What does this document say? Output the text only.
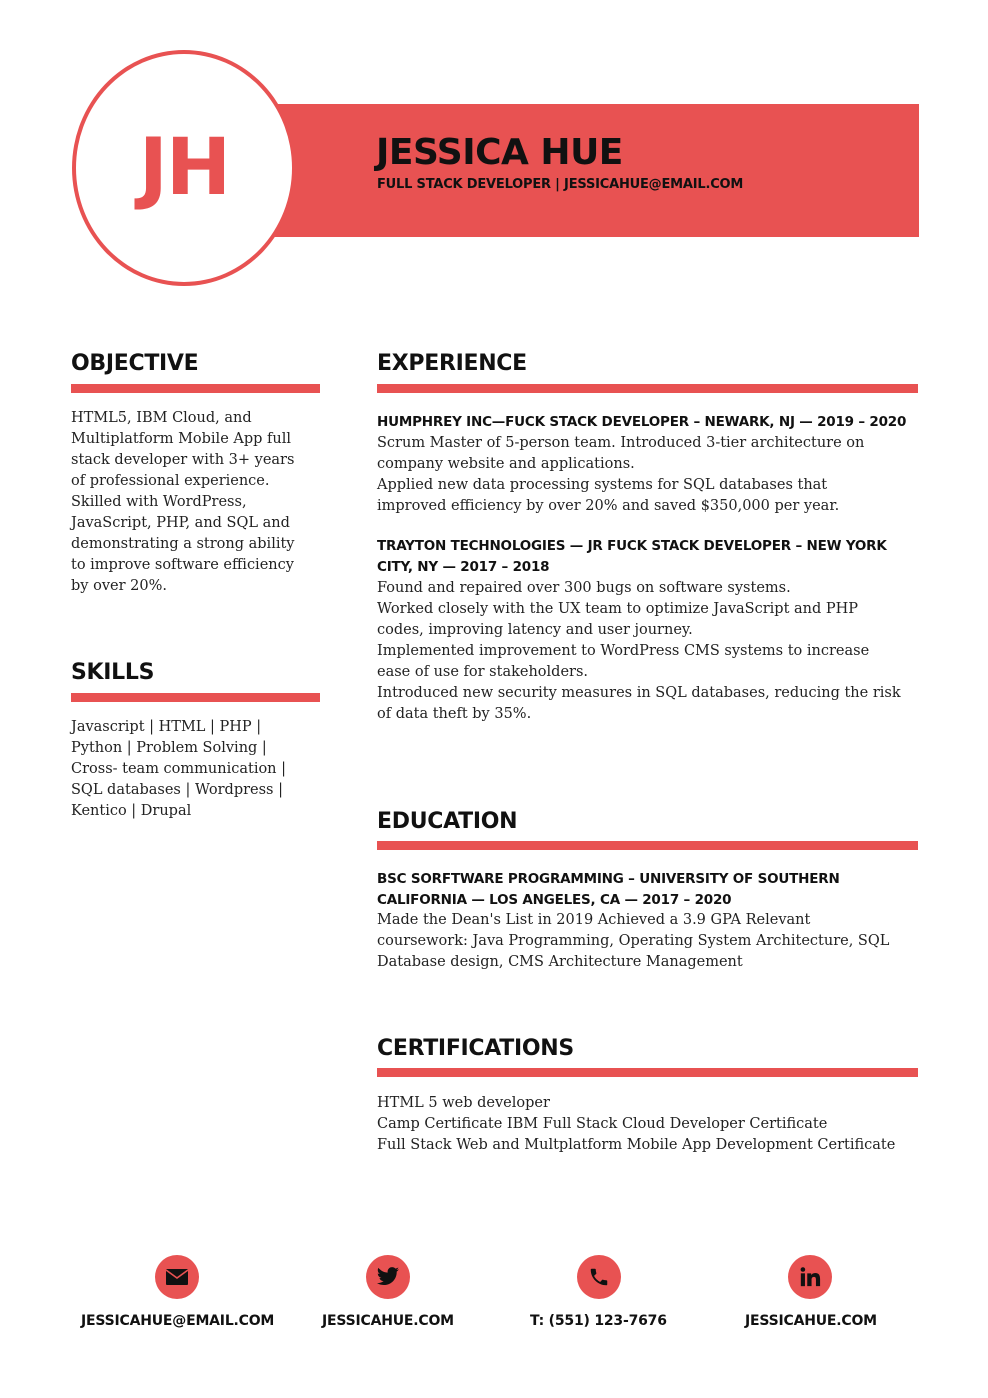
JH	JESSICA HUE
FULL STACK DEVELOPER | JESSICAHUE@EMAIL.COM
OBJECTIVE
HTML5, IBM Cloud, and
Multiplatform Mobile App full
stack developer with 3+ years
of professional experience.
Skilled with WordPress,
JavaScript, PHP, and SQL and
demonstrating a strong ability
to improve software efficiency
by over 20%.
SKILLS
Javascript | HTML | PHP |
Python | Problem Solving |
Cross- team communication |
SQL databases | Wordpress |
Kentico | Drupal
EXPERIENCE
HUMPHREY INC—FUCK STACK DEVELOPER – NEWARK, NJ — 2019 – 2020
Scrum Master of 5-person team. Introduced 3-tier architecture on
company website and applications.
Applied new data processing systems for SQL databases that
improved efficiency by over 20% and saved $350,000 per year.
TRAYTON TECHNOLOGIES — JR FUCK STACK DEVELOPER – NEW YORK
CITY, NY — 2017 – 2018
Found and repaired over 300 bugs on software systems.
Worked closely with the UX team to optimize JavaScript and PHP
codes, improving latency and user journey.
Implemented improvement to WordPress CMS systems to increase
ease of use for stakeholders.
Introduced new security measures in SQL databases, reducing the risk
of data theft by 35%.
EDUCATION
BSC SORFTWARE PROGRAMMING – UNIVERSITY OF SOUTHERN
CALIFORNIA — LOS ANGELES, CA — 2017 – 2020
Made the Dean's List in 2019 Achieved a 3.9 GPA Relevant
coursework: Java Programming, Operating System Architecture, SQL
Database design, CMS Architecture Management
CERTIFICATIONS
HTML 5 web developer
Camp Certificate IBM Full Stack Cloud Developer Certificate
Full Stack Web and Multplatform Mobile App Development Certificate
JESSICAHUE@EMAIL.COM	JESSICAHUE.COM	T: (551) 123-7676	JESSICAHUE.COM
